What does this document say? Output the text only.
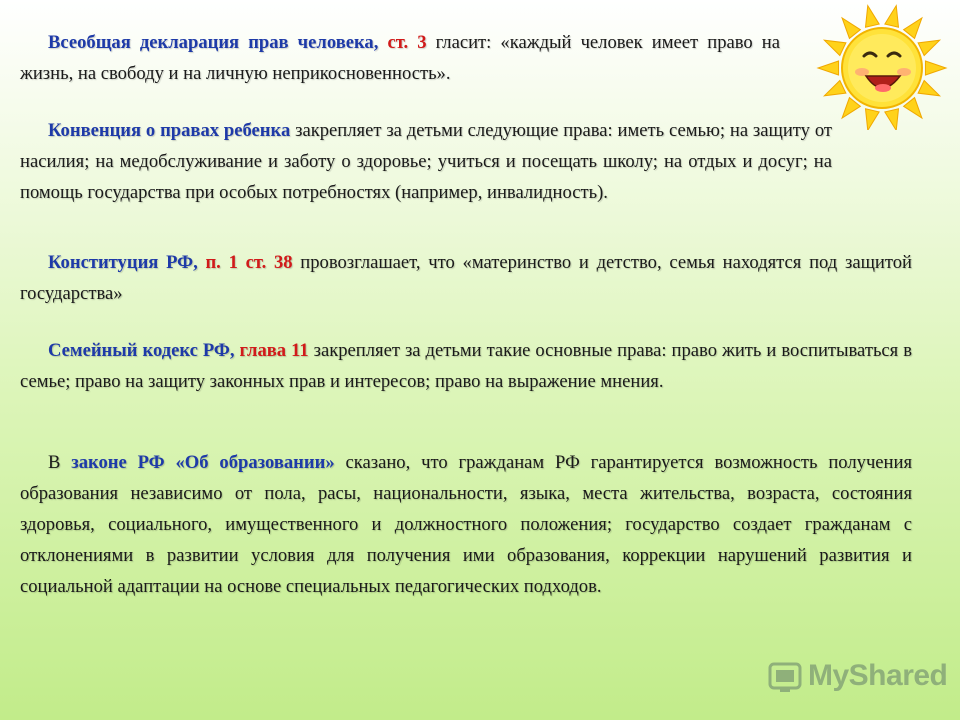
Всеобщая декларация прав человека, ст. 3 гласит: «каждый человек имеет право на жизнь, на свободу и на личную неприкосновенность».

Конвенция о правах ребенка закрепляет за детьми следующие права: иметь семью; на защиту от насилия; на медобслуживание и заботу о здоровье; учиться и посещать школу; на отдых и досуг; на помощь государства при особых потребностях (например, инвалидность).

Конституция РФ, п. 1 ст. 38 провозглашает, что «материнство и детство, семья находятся под защитой государства»

Семейный кодекс РФ, глава 11 закрепляет за детьми такие основные права: право жить и воспитываться в семье; право на защиту законных прав и интересов; право на выражение мнения.

В законе РФ «Об образовании» сказано, что гражданам РФ гарантируется возможность получения образования независимо от пола, расы, национальности, языка, места жительства, возраста, состояния здоровья, социального, имущественного и должностного положения; государство создает гражданам с отклонениями в развитии условия для получения ими образования, коррекции нарушений развития и социальной адаптации на основе специальных педагогических подходов.

MyShared
